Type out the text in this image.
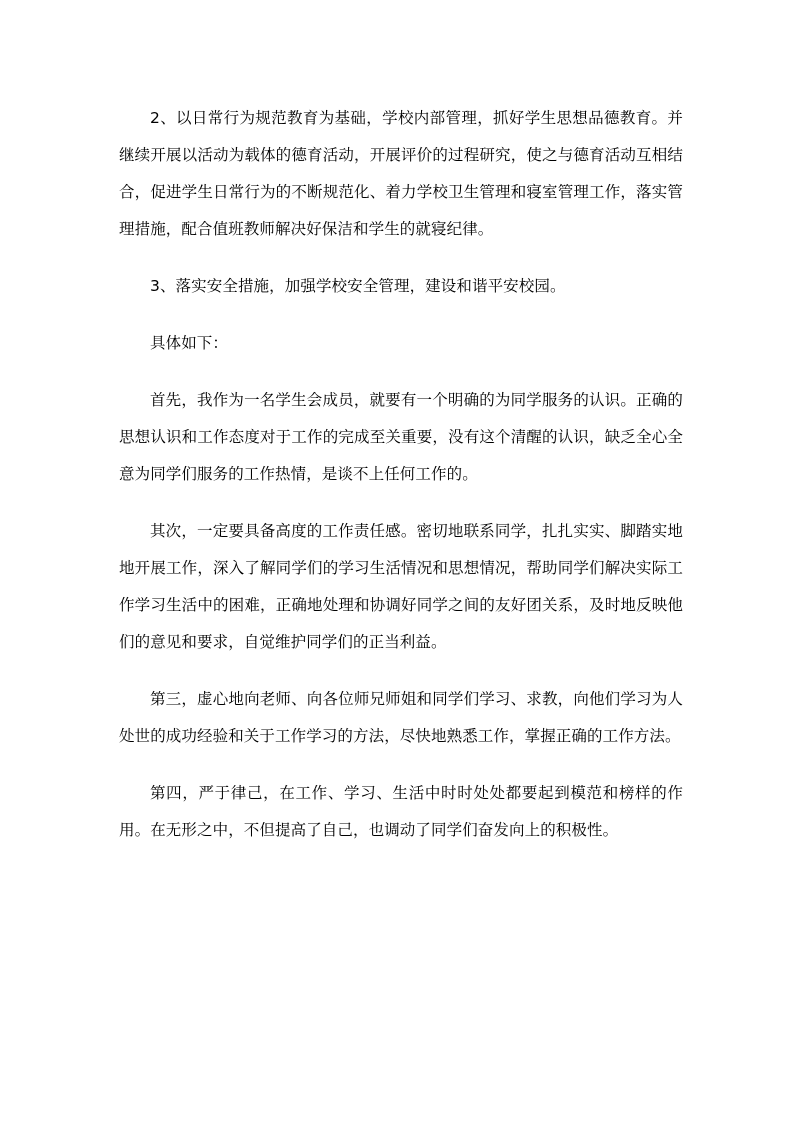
2、以日常行为规范教育为基础，学校内部管理，抓好学生思想品德教育。并继续开展以活动为载体的德育活动，开展评价的过程研究，使之与德育活动互相结合，促进学生日常行为的不断规范化、着力学校卫生管理和寝室管理工作，落实管理措施，配合值班教师解决好保洁和学生的就寝纪律。

3、落实安全措施，加强学校安全管理，建设和谐平安校园。

具体如下：

首先，我作为一名学生会成员，就要有一个明确的为同学服务的认识。正确的思想认识和工作态度对于工作的完成至关重要，没有这个清醒的认识，缺乏全心全意为同学们服务的工作热情，是谈不上任何工作的。

其次，一定要具备高度的工作责任感。密切地联系同学，扎扎实实、脚踏实地地开展工作，深入了解同学们的学习生活情况和思想情况，帮助同学们解决实际工作学习生活中的困难，正确地处理和协调好同学之间的友好团关系，及时地反映他们的意见和要求，自觉维护同学们的正当利益。

第三，虚心地向老师、向各位师兄师姐和同学们学习、求教，向他们学习为人处世的成功经验和关于工作学习的方法，尽快地熟悉工作，掌握正确的工作方法。

第四，严于律己，在工作、学习、生活中时时处处都要起到模范和榜样的作用。在无形之中，不但提高了自己，也调动了同学们奋发向上的积极性。
